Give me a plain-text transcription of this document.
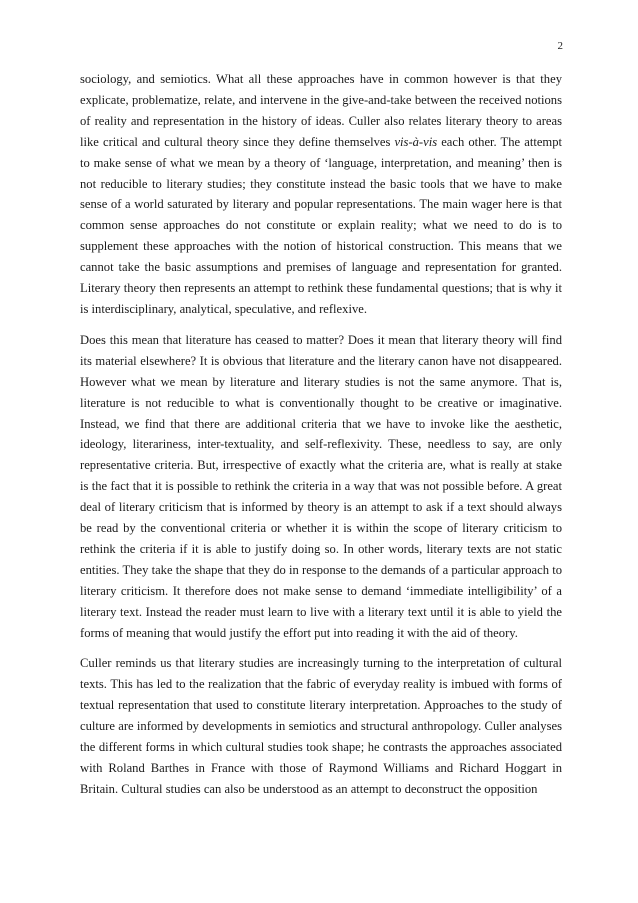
2

sociology, and semiotics. What all these approaches have in common however is that they explicate, problematize, relate, and intervene in the give-and-take between the received notions of reality and representation in the history of ideas. Culler also relates literary theory to areas like critical and cultural theory since they define themselves vis-à-vis each other. The attempt to make sense of what we mean by a theory of ‘language, interpretation, and meaning’ then is not reducible to literary studies; they constitute instead the basic tools that we have to make sense of a world saturated by literary and popular representations. The main wager here is that common sense approaches do not constitute or explain reality; what we need to do is to supplement these approaches with the notion of historical construction. This means that we cannot take the basic assumptions and premises of language and representation for granted. Literary theory then represents an attempt to rethink these fundamental questions; that is why it is interdisciplinary, analytical, speculative, and reflexive.

Does this mean that literature has ceased to matter? Does it mean that literary theory will find its material elsewhere? It is obvious that literature and the literary canon have not disappeared. However what we mean by literature and literary studies is not the same anymore. That is, literature is not reducible to what is conventionally thought to be creative or imaginative. Instead, we find that there are additional criteria that we have to invoke like the aesthetic, ideology, literariness, inter-textuality, and self-reflexivity. These, needless to say, are only representative criteria. But, irrespective of exactly what the criteria are, what is really at stake is the fact that it is possible to rethink the criteria in a way that was not possible before. A great deal of literary criticism that is informed by theory is an attempt to ask if a text should always be read by the conventional criteria or whether it is within the scope of literary criticism to rethink the criteria if it is able to justify doing so. In other words, literary texts are not static entities. They take the shape that they do in response to the demands of a particular approach to literary criticism. It therefore does not make sense to demand ‘immediate intelligibility’ of a literary text. Instead the reader must learn to live with a literary text until it is able to yield the forms of meaning that would justify the effort put into reading it with the aid of theory.

Culler reminds us that literary studies are increasingly turning to the interpretation of cultural texts. This has led to the realization that the fabric of everyday reality is imbued with forms of textual representation that used to constitute literary interpretation. Approaches to the study of culture are informed by developments in semiotics and structural anthropology. Culler analyses the different forms in which cultural studies took shape; he contrasts the approaches associated with Roland Barthes in France with those of Raymond Williams and Richard Hoggart in Britain. Cultural studies can also be understood as an attempt to deconstruct the opposition
